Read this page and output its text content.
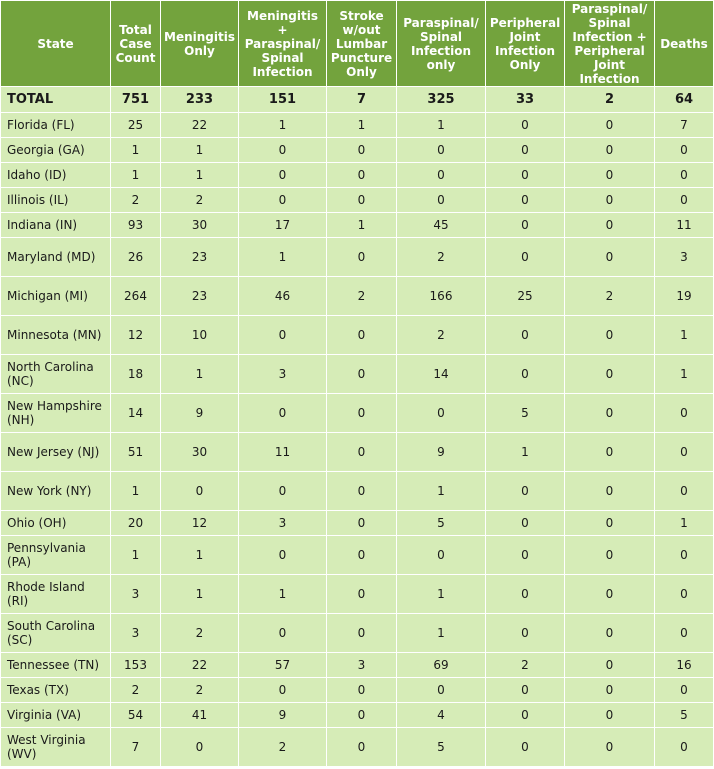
State	Total Case Count	Meningitis Only	Meningitis + Paraspinal/ Spinal Infection	Stroke w/out Lumbar Puncture Only	Paraspinal/ Spinal Infection only	Peripheral Joint Infection Only	Paraspinal/ Spinal Infection + Peripheral Joint Infection	Deaths
TOTAL	751	233	151	7	325	33	2	64
Florida (FL)	25	22	1	1	1	0	0	7
Georgia (GA)	1	1	0	0	0	0	0	0
Idaho (ID)	1	1	0	0	0	0	0	0
Illinois (IL)	2	2	0	0	0	0	0	0
Indiana (IN)	93	30	17	1	45	0	0	11
Maryland (MD)	26	23	1	0	2	0	0	3
Michigan (MI)	264	23	46	2	166	25	2	19
Minnesota (MN)	12	10	0	0	2	0	0	1
North Carolina (NC)	18	1	3	0	14	0	0	1
New Hampshire (NH)	14	9	0	0	0	5	0	0
New Jersey (NJ)	51	30	11	0	9	1	0	0
New York (NY)	1	0	0	0	1	0	0	0
Ohio (OH)	20	12	3	0	5	0	0	1
Pennsylvania (PA)	1	1	0	0	0	0	0	0
Rhode Island (RI)	3	1	1	0	1	0	0	0
South Carolina (SC)	3	2	0	0	1	0	0	0
Tennessee (TN)	153	22	57	3	69	2	0	16
Texas (TX)	2	2	0	0	0	0	0	0
Virginia (VA)	54	41	9	0	4	0	0	5
West Virginia (WV)	7	0	2	0	5	0	0	0
